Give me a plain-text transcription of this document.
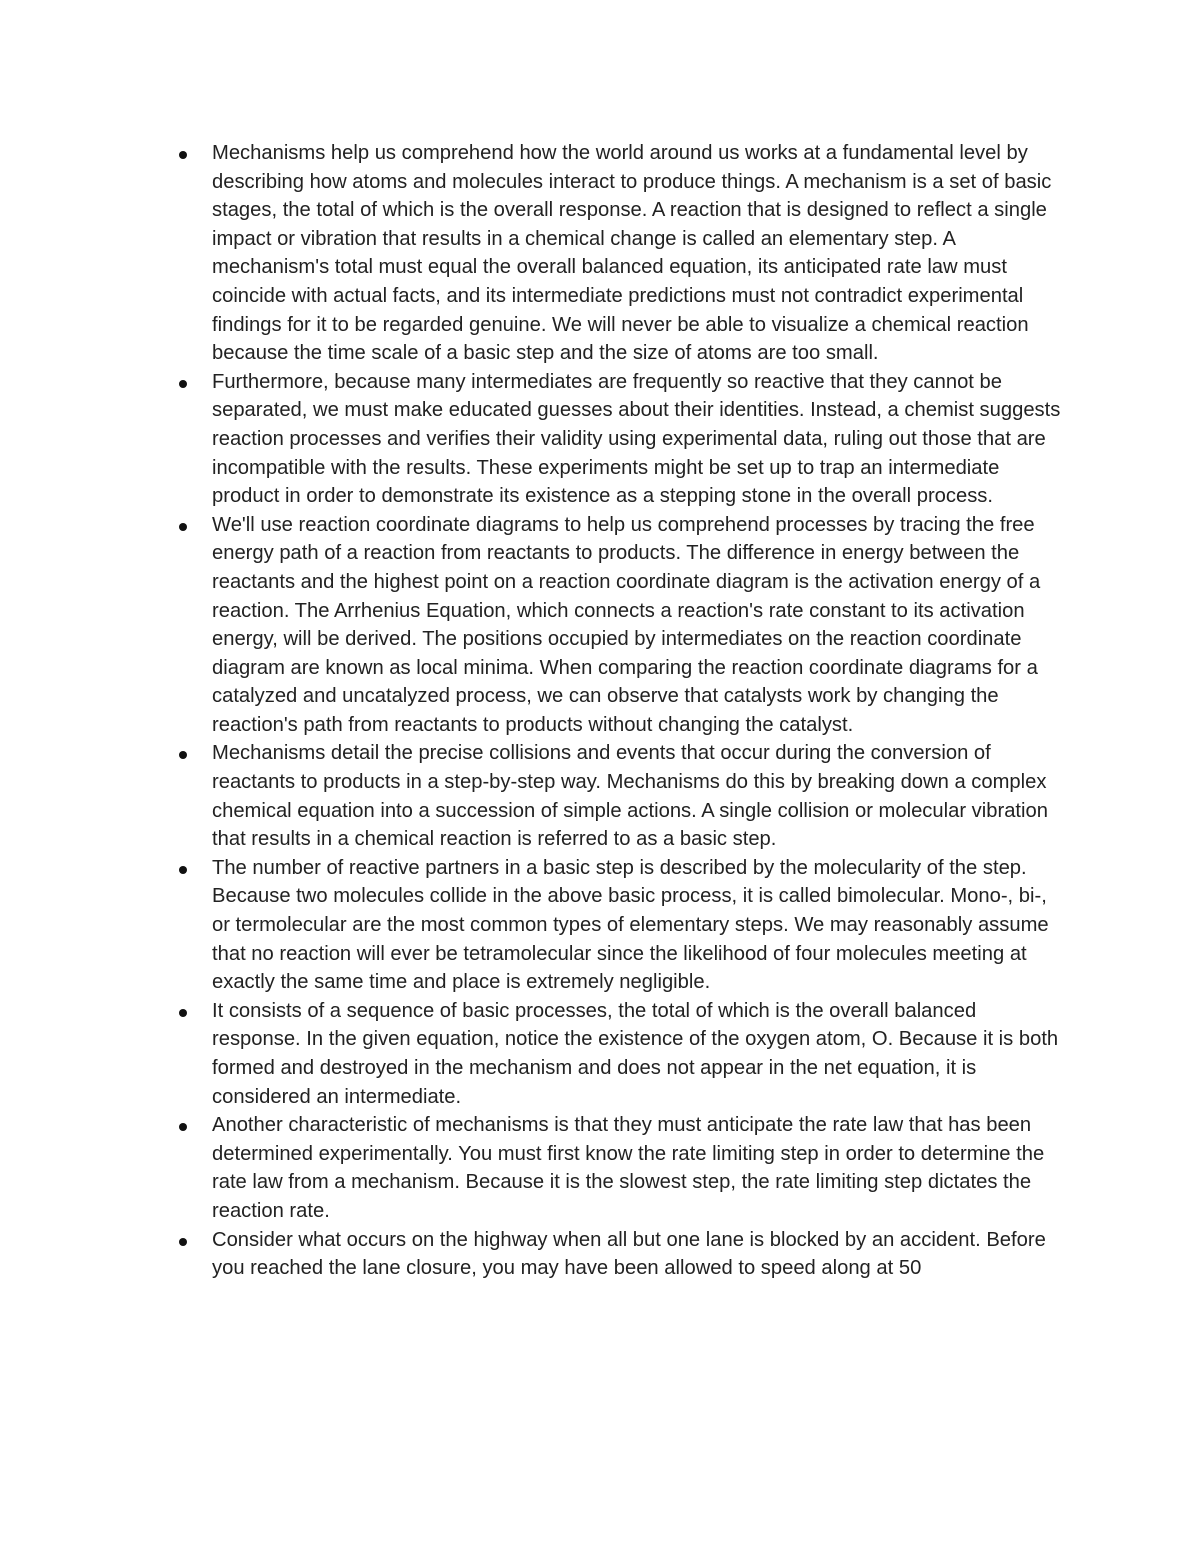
Mechanisms help us comprehend how the world around us works at a fundamental level by describing how atoms and molecules interact to produce things. A mechanism is a set of basic stages, the total of which is the overall response. A reaction that is designed to reflect a single impact or vibration that results in a chemical change is called an elementary step. A mechanism's total must equal the overall balanced equation, its anticipated rate law must coincide with actual facts, and its intermediate predictions must not contradict experimental findings for it to be regarded genuine. We will never be able to visualize a chemical reaction because the time scale of a basic step and the size of atoms are too small.
Furthermore, because many intermediates are frequently so reactive that they cannot be separated, we must make educated guesses about their identities. Instead, a chemist suggests reaction processes and verifies their validity using experimental data, ruling out those that are incompatible with the results. These experiments might be set up to trap an intermediate product in order to demonstrate its existence as a stepping stone in the overall process.
We'll use reaction coordinate diagrams to help us comprehend processes by tracing the free energy path of a reaction from reactants to products. The difference in energy between the reactants and the highest point on a reaction coordinate diagram is the activation energy of a reaction. The Arrhenius Equation, which connects a reaction's rate constant to its activation energy, will be derived. The positions occupied by intermediates on the reaction coordinate diagram are known as local minima. When comparing the reaction coordinate diagrams for a catalyzed and uncatalyzed process, we can observe that catalysts work by changing the reaction's path from reactants to products without changing the catalyst.
Mechanisms detail the precise collisions and events that occur during the conversion of reactants to products in a step-by-step way. Mechanisms do this by breaking down a complex chemical equation into a succession of simple actions. A single collision or molecular vibration that results in a chemical reaction is referred to as a basic step.
The number of reactive partners in a basic step is described by the molecularity of the step. Because two molecules collide in the above basic process, it is called bimolecular. Mono-, bi-, or termolecular are the most common types of elementary steps. We may reasonably assume that no reaction will ever be tetramolecular since the likelihood of four molecules meeting at exactly the same time and place is extremely negligible.
It consists of a sequence of basic processes, the total of which is the overall balanced response. In the given equation, notice the existence of the oxygen atom, O. Because it is both formed and destroyed in the mechanism and does not appear in the net equation, it is considered an intermediate.
Another characteristic of mechanisms is that they must anticipate the rate law that has been determined experimentally. You must first know the rate limiting step in order to determine the rate law from a mechanism. Because it is the slowest step, the rate limiting step dictates the reaction rate.
Consider what occurs on the highway when all but one lane is blocked by an accident. Before you reached the lane closure, you may have been allowed to speed along at 50
